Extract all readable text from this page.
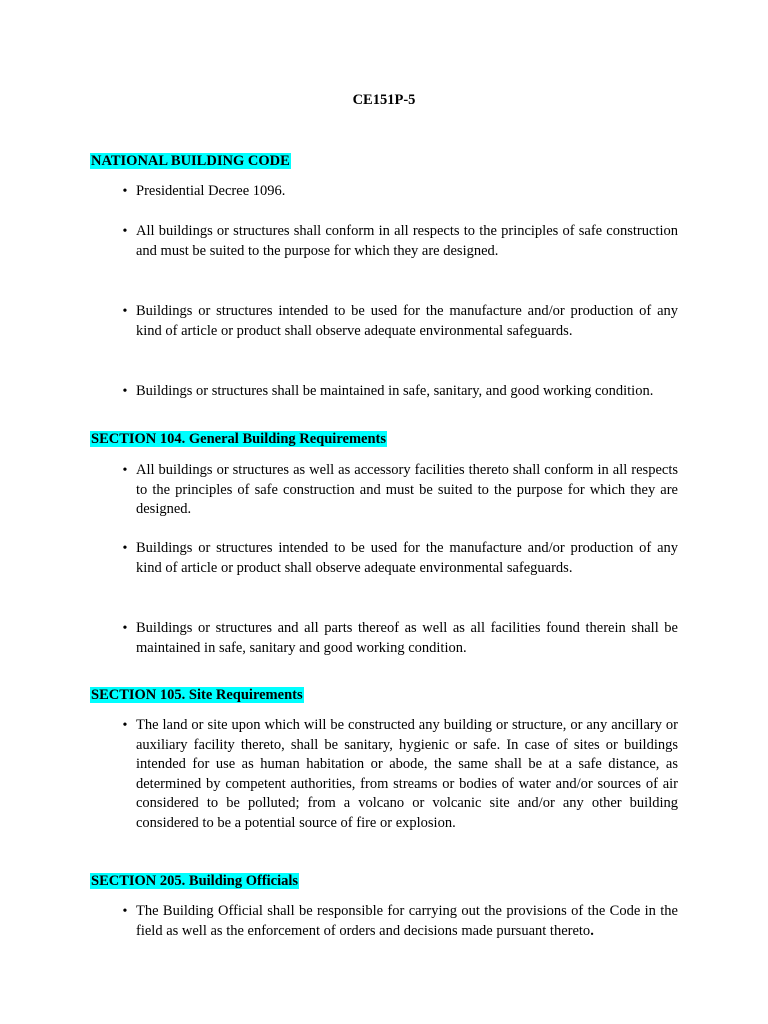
CE151P-5
NATIONAL BUILDING CODE
• Presidential Decree 1096.
• All buildings or structures shall conform in all respects to the principles of safe construction and must be suited to the purpose for which they are designed.
• Buildings or structures intended to be used for the manufacture and/or production of any kind of article or product shall observe adequate environmental safeguards.
• Buildings or structures shall be maintained in safe, sanitary, and good working condition.
SECTION 104. General Building Requirements
• All buildings or structures as well as accessory facilities thereto shall conform in all respects to the principles of safe construction and must be suited to the purpose for which they are designed.
• Buildings or structures intended to be used for the manufacture and/or production of any kind of article or product shall observe adequate environmental safeguards.
• Buildings or structures and all parts thereof as well as all facilities found therein shall be maintained in safe, sanitary and good working condition.
SECTION 105. Site Requirements
• The land or site upon which will be constructed any building or structure, or any ancillary or auxiliary facility thereto, shall be sanitary, hygienic or safe. In case of sites or buildings intended for use as human habitation or abode, the same shall be at a safe distance, as determined by competent authorities, from streams or bodies of water and/or sources of air considered to be polluted; from a volcano or volcanic site and/or any other building considered to be a potential source of fire or explosion.
SECTION 205. Building Officials
• The Building Official shall be responsible for carrying out the provisions of the Code in the field as well as the enforcement of orders and decisions made pursuant thereto.
